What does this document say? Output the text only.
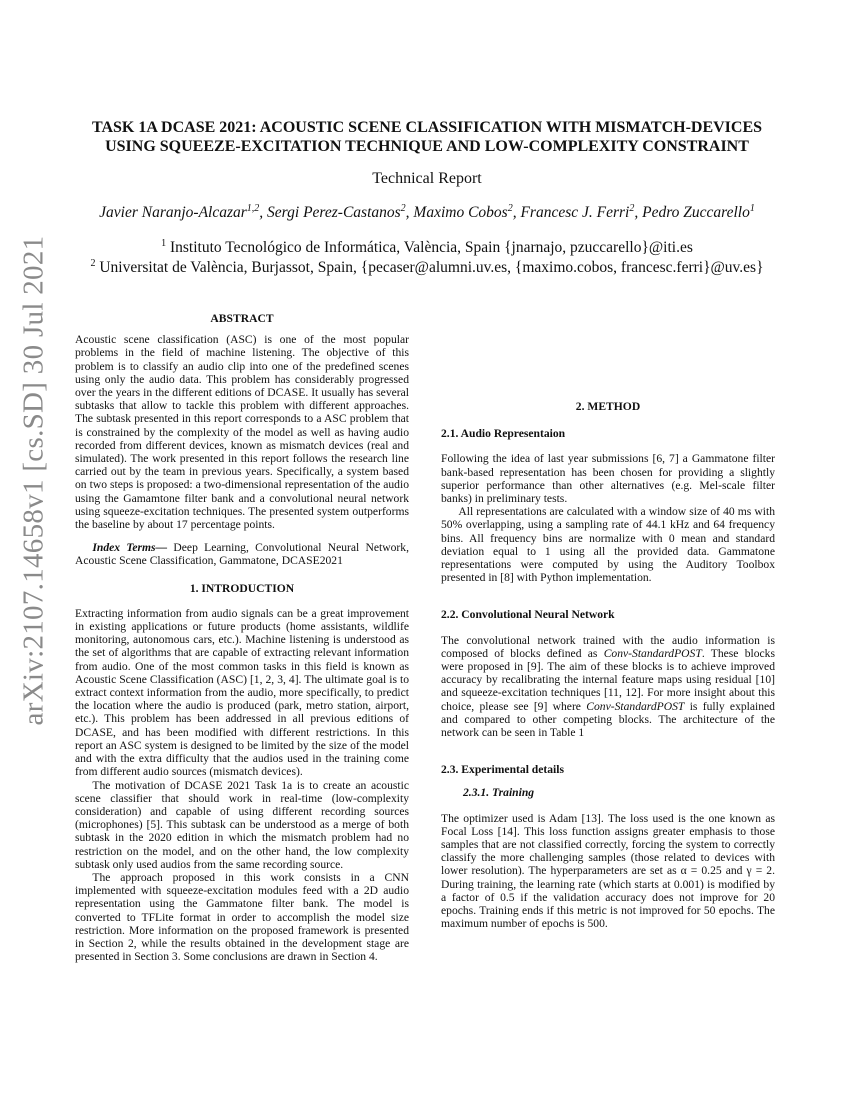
arXiv:2107.14658v1 [cs.SD] 30 Jul 2021
TASK 1A DCASE 2021: ACOUSTIC SCENE CLASSIFICATION WITH MISMATCH-DEVICES
USING SQUEEZE-EXCITATION TECHNIQUE AND LOW-COMPLEXITY CONSTRAINT
Technical Report
Javier Naranjo-Alcazar$^{1,2}$, Sergi Perez-Castanos$^2$, Maximo Cobos$^2$, Francesc J. Ferri$^2$, Pedro Zuccarello$^1$
$^1$ Instituto Tecnológico de Informática, València, Spain {jnarnajo, pzuccarello}@iti.es
$^2$ Universitat de València, Burjassot, Spain, {pecaser@alumni.uv.es, {maximo.cobos, francesc.ferri}@uv.es}
ABSTRACT

Acoustic scene classification (ASC) is one of the most popular problems in the field of machine listening. The objective of this problem is to classify an audio clip into one of the predefined scenes using only the audio data. This problem has considerably progressed over the years in the different editions of DCASE. It usually has several subtasks that allow to tackle this problem with different approaches. The subtask presented in this report corresponds to a ASC problem that is constrained by the complexity of the model as well as having audio recorded from different devices, known as mismatch devices (real and simulated). The work presented in this report follows the research line carried out by the team in previous years. Specifically, a system based on two steps is proposed: a two-dimensional representation of the audio using the Gamamtone filter bank and a convolutional neural network using squeeze-excitation techniques. The presented system outperforms the baseline by about 17 percentage points.

Index Terms— Deep Learning, Convolutional Neural Network, Acoustic Scene Classification, Gammatone, DCASE2021

1. INTRODUCTION

Extracting information from audio signals can be a great improvement in existing applications or future products (home assistants, wildlife monitoring, autonomous cars, etc.). Machine listening is understood as the set of algorithms that are capable of extracting relevant information from audio. One of the most common tasks in this field is known as Acoustic Scene Classification (ASC) [1, 2, 3, 4]. The ultimate goal is to extract context information from the audio, more specifically, to predict the location where the audio is produced (park, metro station, airport, etc.). This problem has been addressed in all previous editions of DCASE, and has been modified with different restrictions. In this report an ASC system is designed to be limited by the size of the model and with the extra difficulty that the audios used in the training come from different audio sources (mismatch devices).

The motivation of DCASE 2021 Task 1a is to create an acoustic scene classifier that should work in real-time (low-complexity consideration) and capable of using different recording sources (microphones) [5]. This subtask can be understood as a merge of both subtask in the 2020 edition in which the mismatch problem had no restriction on the model, and on the other hand, the low complexity subtask only used audios from the same recording source.

The approach proposed in this work consists in a CNN implemented with squeeze-excitation modules feed with a 2D audio representation using the Gammatone filter bank. The model is converted to TFLite format in order to accomplish the model size restriction. More information on the proposed framework is presented in Section 2, while the results obtained in the development stage are presented in Section 3. Some conclusions are drawn in Section 4.

2. METHOD
2.1. Audio Representaion

Following the idea of last year submissions [6, 7] a Gammatone filter bank-based representation has been chosen for providing a slightly superior performance than other alternatives (e.g. Mel-scale filter banks) in preliminary tests.

All representations are calculated with a window size of 40 ms with 50% overlapping, using a sampling rate of 44.1 kHz and 64 frequency bins. All frequency bins are normalize with 0 mean and standard deviation equal to 1 using all the provided data. Gammatone representations were computed by using the Auditory Toolbox presented in [8] with Python implementation.

2.2. Convolutional Neural Network

The convolutional network trained with the audio information is composed of blocks defined as Conv-StandardPOST. These blocks were proposed in [9]. The aim of these blocks is to achieve improved accuracy by recalibrating the internal feature maps using residual [10] and squeeze-excitation techniques [11, 12]. For more insight about this choice, please see [9] where Conv-StandardPOST is fully explained and compared to other competing blocks. The architecture of the network can be seen in Table 1

2.3. Experimental details
2.3.1. Training

The optimizer used is Adam [13]. The loss used is the one known as Focal Loss [14]. This loss function assigns greater emphasis to those samples that are not classified correctly, forcing the system to correctly classify the more challenging samples (those related to devices with lower resolution). The hyperparameters are set as α = 0.25 and γ = 2. During training, the learning rate (which starts at 0.001) is modified by a factor of 0.5 if the validation accuracy does not improve for 20 epochs. Training ends if this metric is not improved for 50 epochs. The maximum number of epochs is 500.
